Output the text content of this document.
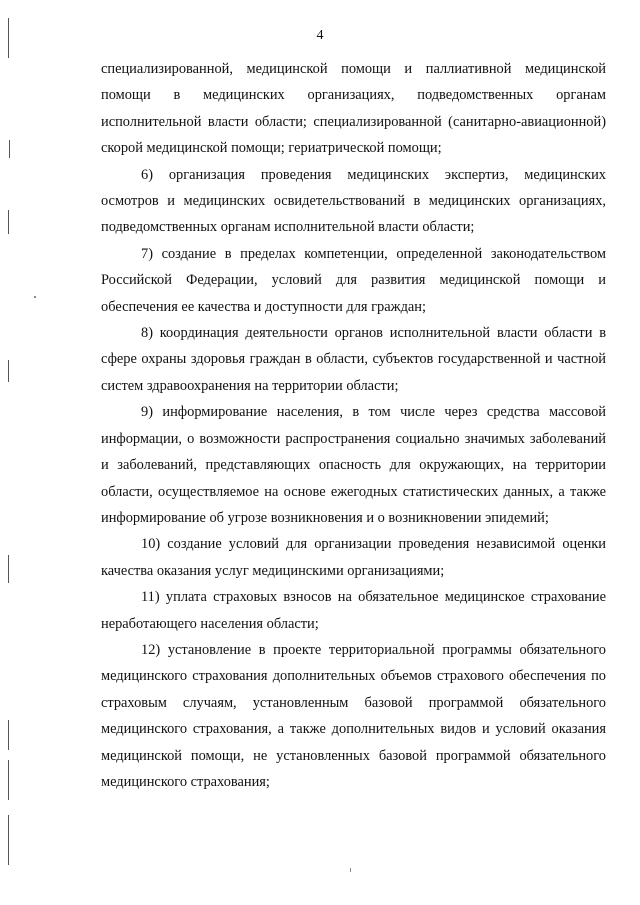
4

специализированной, медицинской помощи и паллиативной медицинской помощи в медицинских организациях, подведомственных органам исполнительной власти области; специализированной (санитарно-авиационной) скорой медицинской помощи; гериатрической помощи;

6) организация проведения медицинских экспертиз, медицинских осмотров и медицинских освидетельствований в медицинских организациях, подведомственных органам исполнительной власти области;

7) создание в пределах компетенции, определенной законодательством Российской Федерации, условий для развития медицинской помощи и обеспечения ее качества и доступности для граждан;

8) координация деятельности органов исполнительной власти области в сфере охраны здоровья граждан в области, субъектов государственной и частной систем здравоохранения на территории области;

9) информирование населения, в том числе через средства массовой информации, о возможности распространения социально значимых заболеваний и заболеваний, представляющих опасность для окружающих, на территории области, осуществляемое на основе ежегодных статистических данных, а также информирование об угрозе возникновения и о возникновении эпидемий;

10) создание условий для организации проведения независимой оценки качества оказания услуг медицинскими организациями;

11) уплата страховых взносов на обязательное медицинское страхование неработающего населения области;

12) установление в проекте территориальной программы обязательного медицинского страхования дополнительных объемов страхового обеспечения по страховым случаям, установленным базовой программой обязательного медицинского страхования, а также дополнительных видов и условий оказания медицинской помощи, не установленных базовой программой обязательного медицинского страхования;
